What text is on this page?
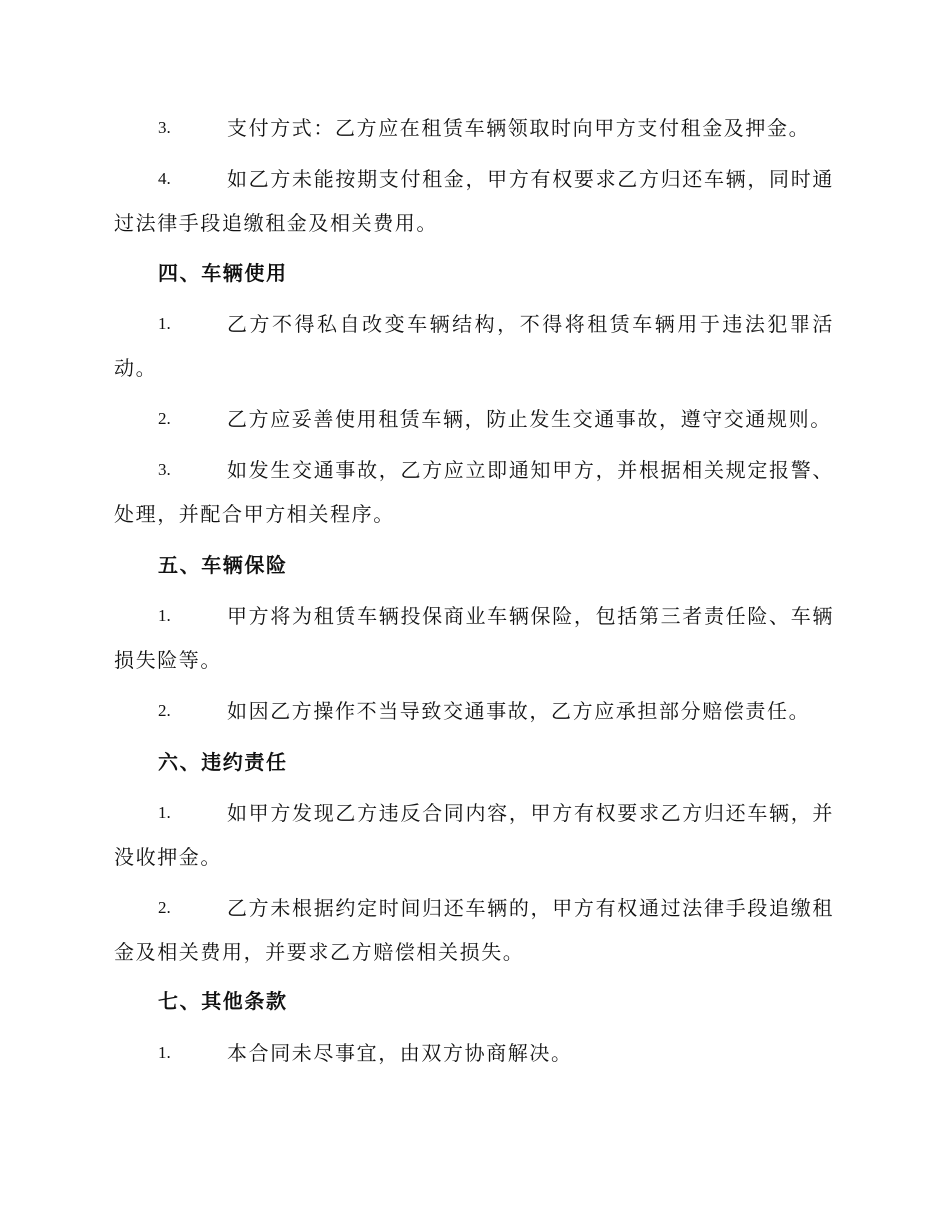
3.	支付方式：乙方应在租赁车辆领取时向甲方支付租金及押金。
4.	如乙方未能按期支付租金，甲方有权要求乙方归还车辆，同时通过法律手段追缴租金及相关费用。
四、车辆使用
1.	乙方不得私自改变车辆结构，不得将租赁车辆用于违法犯罪活动。
2.	乙方应妥善使用租赁车辆，防止发生交通事故，遵守交通规则。
3.	如发生交通事故，乙方应立即通知甲方，并根据相关规定报警、处理，并配合甲方相关程序。
五、车辆保险
1.	甲方将为租赁车辆投保商业车辆保险，包括第三者责任险、车辆损失险等。
2.	如因乙方操作不当导致交通事故，乙方应承担部分赔偿责任。
六、违约责任
1.	如甲方发现乙方违反合同内容，甲方有权要求乙方归还车辆，并没收押金。
2.	乙方未根据约定时间归还车辆的，甲方有权通过法律手段追缴租金及相关费用，并要求乙方赔偿相关损失。
七、其他条款
1.	本合同未尽事宜，由双方协商解决。
